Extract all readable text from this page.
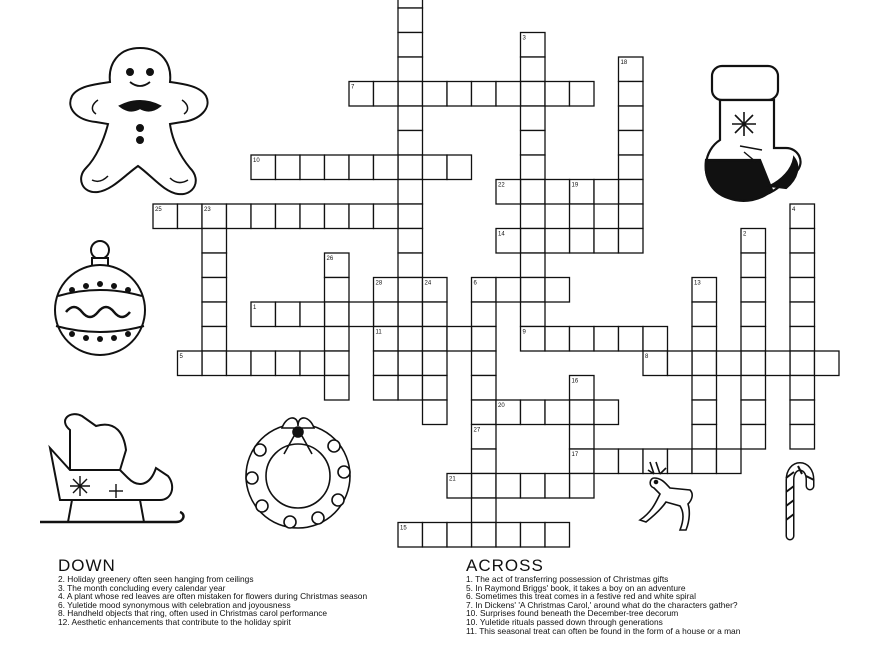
3
18
7
10
19
22
25	23
14	2
4
26
28	24	6	13
1
11	9
5	8
16
20
27
17
21
15
DOWN
2. Holiday greenery often seen hanging from ceilings
3. The month concluding every calendar year
4. A plant whose red leaves are often mistaken for flowers during Christmas season
6. Yuletide mood synonymous with celebration and joyousness
8. Handheld objects that ring, often used in Christmas carol performance
12. Aesthetic enhancements that contribute to the holiday spirit
ACROSS
1. The act of transferring possession of Christmas gifts
5. In Raymond Briggs' book, it takes a boy on an adventure
6. Sometimes this treat comes in a festive red and white spiral
7. In Dickens' 'A Christmas Carol,' around what do the characters gather?
10. Surprises found beneath the December-tree decorum
10. Yuletide rituals passed down through generations
11. This seasonal treat can often be found in the form of a house or a man
